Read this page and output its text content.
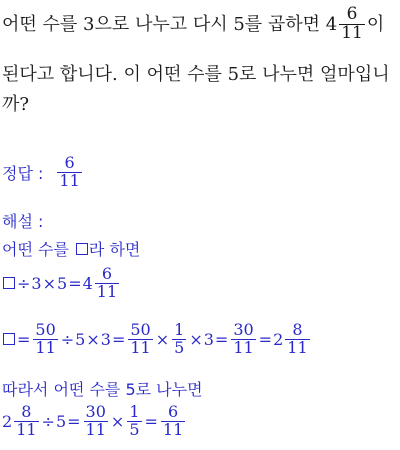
어떤 수를 3으로 나누고 다시 5를 곱하면 $4 \frac{6}{11}$ 이
된다고 합니다. 이 어떤 수를 5로 나누면 얼마입니
까?
정답 : $\frac{6}{11}$
해설 :
어떤 수를 라 하면
÷ $3 \times 5 = 4 \frac{6}{11}$
= $\frac{50}{11} \div 5 \times 3 = \frac{50}{11} \times \frac{1}{5} \times 3 = \frac{30}{11} = 2 \frac{8}{11}$
따라서 어떤 수를 5로 나누면
$2 \frac{8}{11} \div 5 = \frac{30}{11} \times \frac{1}{5} = \frac{6}{11}$
